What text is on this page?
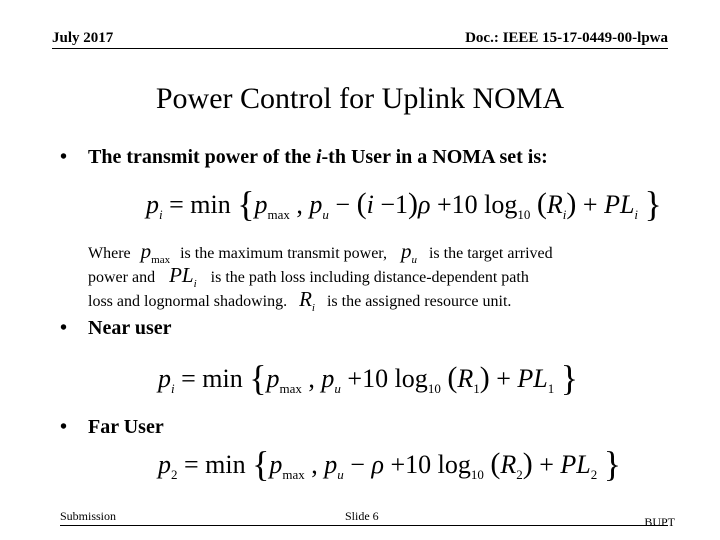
July 2017	Doc.: IEEE 15-17-0449-00-lpwa
Power Control for Uplink NOMA
• The transmit power of the i-th User in a NOMA set is:
$p_i = \min \{p_{max}$ , $p_u - (i -1)\rho +10$ $\log_{10} (R_i) + PL_i$ }
Where $p_{max}$ is the maximum transmit power, $p_u$ is the target arrived
power and $PL_i$ is the path loss including distance-dependent path
loss and lognormal shadowing. $R_i$ is the assigned resource unit.
• Near user
$p_i = \min \{p_{max}$ , $p_u +10$ $\log_{10} (R_1) + PL_1$ }
• Far User
$p_2 = \min \{p_{max}$ , $p_u - \rho +10$ $\log_{10} (R_2) + PL_2$ }
Submission	Slide 6	BUPT
